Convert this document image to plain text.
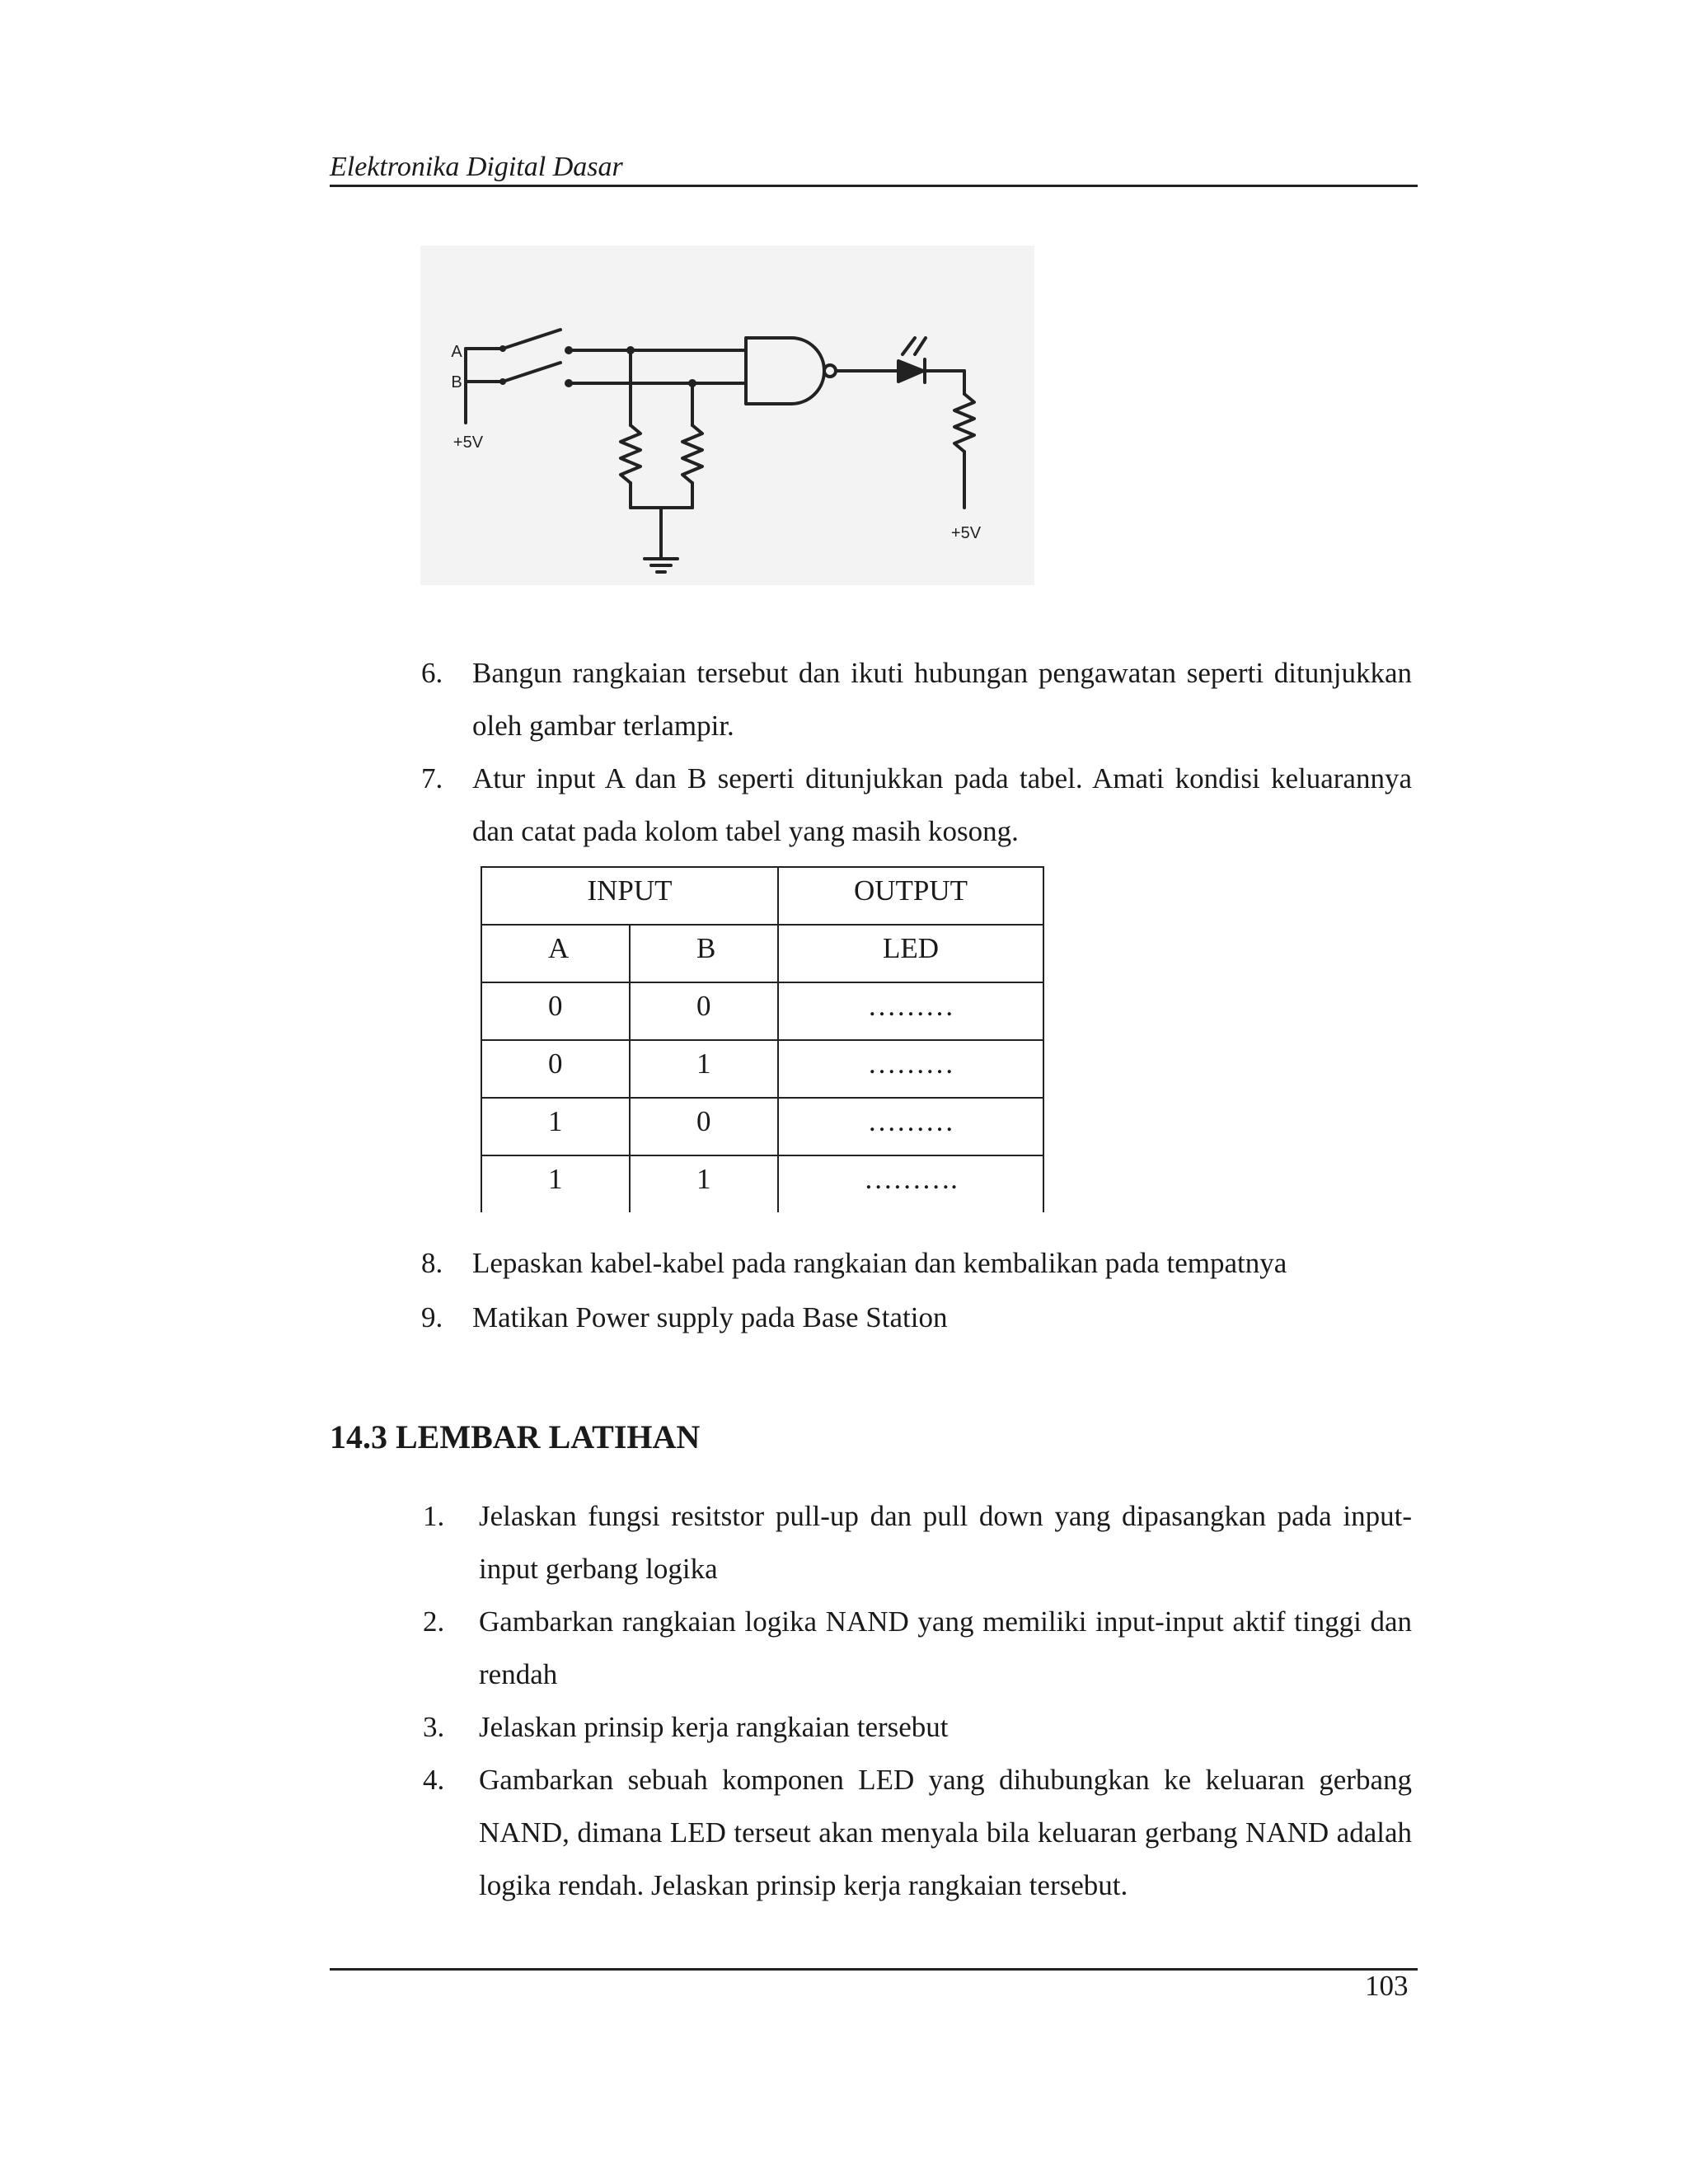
Elektronika Digital Dasar
A
B
+5V
+5V
6. Bangun rangkaian tersebut dan ikuti hubungan pengawatan seperti ditunjukkan oleh gambar terlampir.
7. Atur input A dan B seperti ditunjukkan pada tabel. Amati kondisi keluarannya dan catat pada kolom tabel yang masih kosong.
INPUT		OUTPUT
A	B	LED
0	0	………
0	1	………
1	0	………
1	1	……….
8. Lepaskan kabel-kabel pada rangkaian dan kembalikan pada tempatnya
9. Matikan Power supply pada Base Station
14.3 LEMBAR LATIHAN
1. Jelaskan fungsi resitstor pull-up dan pull down yang dipasangkan pada input-input gerbang logika
2. Gambarkan rangkaian logika NAND yang memiliki input-input aktif tinggi dan rendah
3. Jelaskan prinsip kerja rangkaian tersebut
4. Gambarkan sebuah komponen LED yang dihubungkan ke keluaran gerbang NAND, dimana LED terseut akan menyala bila keluaran gerbang NAND adalah logika rendah. Jelaskan prinsip kerja rangkaian tersebut.
103
